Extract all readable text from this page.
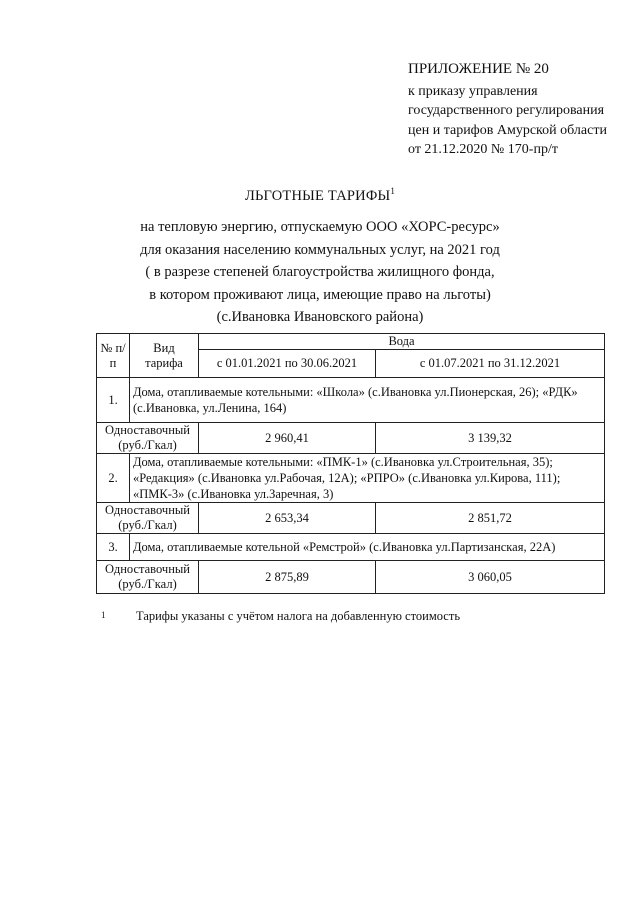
ПРИЛОЖЕНИЕ № 20
к приказу управления
государственного регулирования
цен и тарифов Амурской области
от 21.12.2020 № 170-пр/т
ЛЬГОТНЫЕ ТАРИФЫ$^1$
на тепловую энергию, отпускаемую ООО «ХОРС-ресурс»
для оказания населению коммунальных услуг, на 2021 год
( в разрезе степеней благоустройства жилищного фонда,
в котором проживают лица, имеющие право на льготы)
(с.Ивановка Ивановского района)
№ п/п	Вид тарифа	Вода	
		с 01.01.2021 по 30.06.2021	с 01.07.2021 по 31.12.2021
1.	Дома, отапливаемые котельными: «Школа» (с.Ивановка ул.Пионерская, 26); «РДК» (с.Ивановка, ул.Ленина, 164)		
Одноставочный (руб./Гкал)		2 960,41	3 139,32
2.	Дома, отапливаемые котельными: «ПМК-1» (с.Ивановка ул.Строительная, 35); «Редакция» (с.Ивановка ул.Рабочая, 12А); «РПРО» (с.Ивановка ул.Кирова, 111); «ПМК-3» (с.Ивановка ул.Заречная, 3)		
Одноставочный (руб./Гкал)		2 653,34	2 851,72
3.	Дома, отапливаемые котельной «Ремстрой» (с.Ивановка ул.Партизанская, 22А)		
Одноставочный (руб./Гкал)		2 875,89	3 060,05
1 Тарифы указаны с учётом налога на добавленную стоимость
